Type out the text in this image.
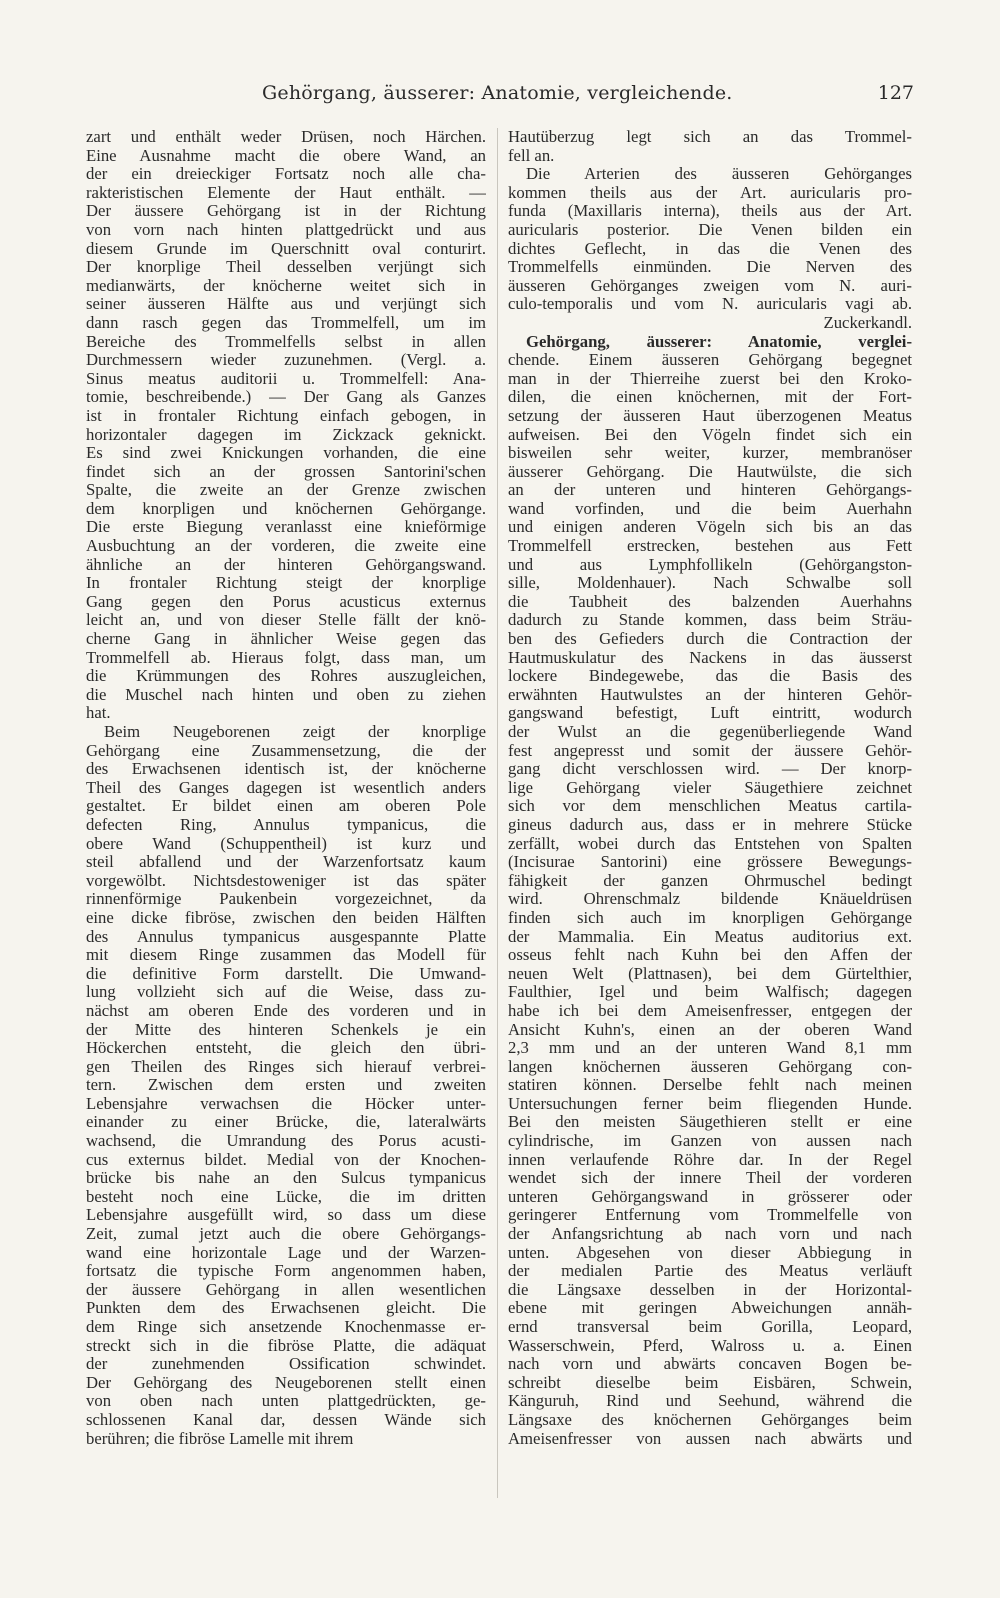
Gehörgang, äusserer: Anatomie, vergleichende.	127
zart und enthält weder Drüsen, noch Härchen.
Eine Ausnahme macht die obere Wand, an
der ein dreieckiger Fortsatz noch alle cha-
rakteristischen Elemente der Haut enthält. —
Der äussere Gehörgang ist in der Richtung
von vorn nach hinten plattgedrückt und aus
diesem Grunde im Querschnitt oval conturirt.
Der knorplige Theil desselben verjüngt sich
medianwärts, der knöcherne weitet sich in
seiner äusseren Hälfte aus und verjüngt sich
dann rasch gegen das Trommelfell, um im
Bereiche des Trommelfells selbst in allen
Durchmessern wieder zuzunehmen. (Vergl. a.
Sinus meatus auditorii u. Trommelfell: Ana-
tomie, beschreibende.) — Der Gang als Ganzes
ist in frontaler Richtung einfach gebogen, in
horizontaler dagegen im Zickzack geknickt.
Es sind zwei Knickungen vorhanden, die eine
findet sich an der grossen Santorini'schen
Spalte, die zweite an der Grenze zwischen
dem knorpligen und knöchernen Gehörgange.
Die erste Biegung veranlasst eine knieförmige
Ausbuchtung an der vorderen, die zweite eine
ähnliche an der hinteren Gehörgangswand.
In frontaler Richtung steigt der knorplige
Gang gegen den Porus acusticus externus
leicht an, und von dieser Stelle fällt der knö-
cherne Gang in ähnlicher Weise gegen das
Trommelfell ab. Hieraus folgt, dass man, um
die Krümmungen des Rohres auszugleichen,
die Muschel nach hinten und oben zu ziehen
hat.
Beim Neugeborenen zeigt der knorplige
Gehörgang eine Zusammensetzung, die der
des Erwachsenen identisch ist, der knöcherne
Theil des Ganges dagegen ist wesentlich anders
gestaltet. Er bildet einen am oberen Pole
defecten Ring, Annulus tympanicus, die
obere Wand (Schuppentheil) ist kurz und
steil abfallend und der Warzenfortsatz kaum
vorgewölbt. Nichtsdestoweniger ist das später
rinnenförmige Paukenbein vorgezeichnet, da
eine dicke fibröse, zwischen den beiden Hälften
des Annulus tympanicus ausgespannte Platte
mit diesem Ringe zusammen das Modell für
die definitive Form darstellt. Die Umwand-
lung vollzieht sich auf die Weise, dass zu-
nächst am oberen Ende des vorderen und in
der Mitte des hinteren Schenkels je ein
Höckerchen entsteht, die gleich den übri-
gen Theilen des Ringes sich hierauf verbrei-
tern. Zwischen dem ersten und zweiten
Lebensjahre verwachsen die Höcker unter-
einander zu einer Brücke, die, lateralwärts
wachsend, die Umrandung des Porus acusti-
cus externus bildet. Medial von der Knochen-
brücke bis nahe an den Sulcus tympanicus
besteht noch eine Lücke, die im dritten
Lebensjahre ausgefüllt wird, so dass um diese
Zeit, zumal jetzt auch die obere Gehörgangs-
wand eine horizontale Lage und der Warzen-
fortsatz die typische Form angenommen haben,
der äussere Gehörgang in allen wesentlichen
Punkten dem des Erwachsenen gleicht. Die
dem Ringe sich ansetzende Knochenmasse er-
streckt sich in die fibröse Platte, die adäquat
der zunehmenden Ossification schwindet.
Der Gehörgang des Neugeborenen stellt einen
von oben nach unten plattgedrückten, ge-
schlossenen Kanal dar, dessen Wände sich
berühren; die fibröse Lamelle mit ihrem
Hautüberzug legt sich an das Trommel-
fell an.
Die Arterien des äusseren Gehörganges
kommen theils aus der Art. auricularis pro-
funda (Maxillaris interna), theils aus der Art.
auricularis posterior. Die Venen bilden ein
dichtes Geflecht, in das die Venen des
Trommelfells einmünden. Die Nerven des
äusseren Gehörganges zweigen vom N. auri-
culo-temporalis und vom N. auricularis vagi ab.
Zuckerkandl.
Gehörgang, äusserer: Anatomie, verglei-
chende. Einem äusseren Gehörgang begegnet
man in der Thierreihe zuerst bei den Kroko-
dilen, die einen knöchernen, mit der Fort-
setzung der äusseren Haut überzogenen Meatus
aufweisen. Bei den Vögeln findet sich ein
bisweilen sehr weiter, kurzer, membranöser
äusserer Gehörgang. Die Hautwülste, die sich
an der unteren und hinteren Gehörgangs-
wand vorfinden, und die beim Auerhahn
und einigen anderen Vögeln sich bis an das
Trommelfell erstrecken, bestehen aus Fett
und aus Lymphfollikeln (Gehörgangston-
sille, Moldenhauer). Nach Schwalbe soll
die Taubheit des balzenden Auerhahns
dadurch zu Stande kommen, dass beim Sträu-
ben des Gefieders durch die Contraction der
Hautmuskulatur des Nackens in das äusserst
lockere Bindegewebe, das die Basis des
erwähnten Hautwulstes an der hinteren Gehör-
gangswand befestigt, Luft eintritt, wodurch
der Wulst an die gegenüberliegende Wand
fest angepresst und somit der äussere Gehör-
gang dicht verschlossen wird. — Der knorp-
lige Gehörgang vieler Säugethiere zeichnet
sich vor dem menschlichen Meatus cartila-
gineus dadurch aus, dass er in mehrere Stücke
zerfällt, wobei durch das Entstehen von Spalten
(Incisurae Santorini) eine grössere Bewegungs-
fähigkeit der ganzen Ohrmuschel bedingt
wird. Ohrenschmalz bildende Knäueldrüsen
finden sich auch im knorpligen Gehörgange
der Mammalia. Ein Meatus auditorius ext.
osseus fehlt nach Kuhn bei den Affen der
neuen Welt (Plattnasen), bei dem Gürtelthier,
Faulthier, Igel und beim Walfisch; dagegen
habe ich bei dem Ameisenfresser, entgegen der
Ansicht Kuhn's, einen an der oberen Wand
2,3 mm und an der unteren Wand 8,1 mm
langen knöchernen äusseren Gehörgang con-
statiren können. Derselbe fehlt nach meinen
Untersuchungen ferner beim fliegenden Hunde.
Bei den meisten Säugethieren stellt er eine
cylindrische, im Ganzen von aussen nach
innen verlaufende Röhre dar. In der Regel
wendet sich der innere Theil der vorderen
unteren Gehörgangswand in grösserer oder
geringerer Entfernung vom Trommelfelle von
der Anfangsrichtung ab nach vorn und nach
unten. Abgesehen von dieser Abbiegung in
der medialen Partie des Meatus verläuft
die Längsaxe desselben in der Horizontal-
ebene mit geringen Abweichungen annäh-
ernd transversal beim Gorilla, Leopard,
Wasserschwein, Pferd, Walross u. a. Einen
nach vorn und abwärts concaven Bogen be-
schreibt dieselbe beim Eisbären, Schwein,
Känguruh, Rind und Seehund, während die
Längsaxe des knöchernen Gehörganges beim
Ameisenfresser von aussen nach abwärts und
